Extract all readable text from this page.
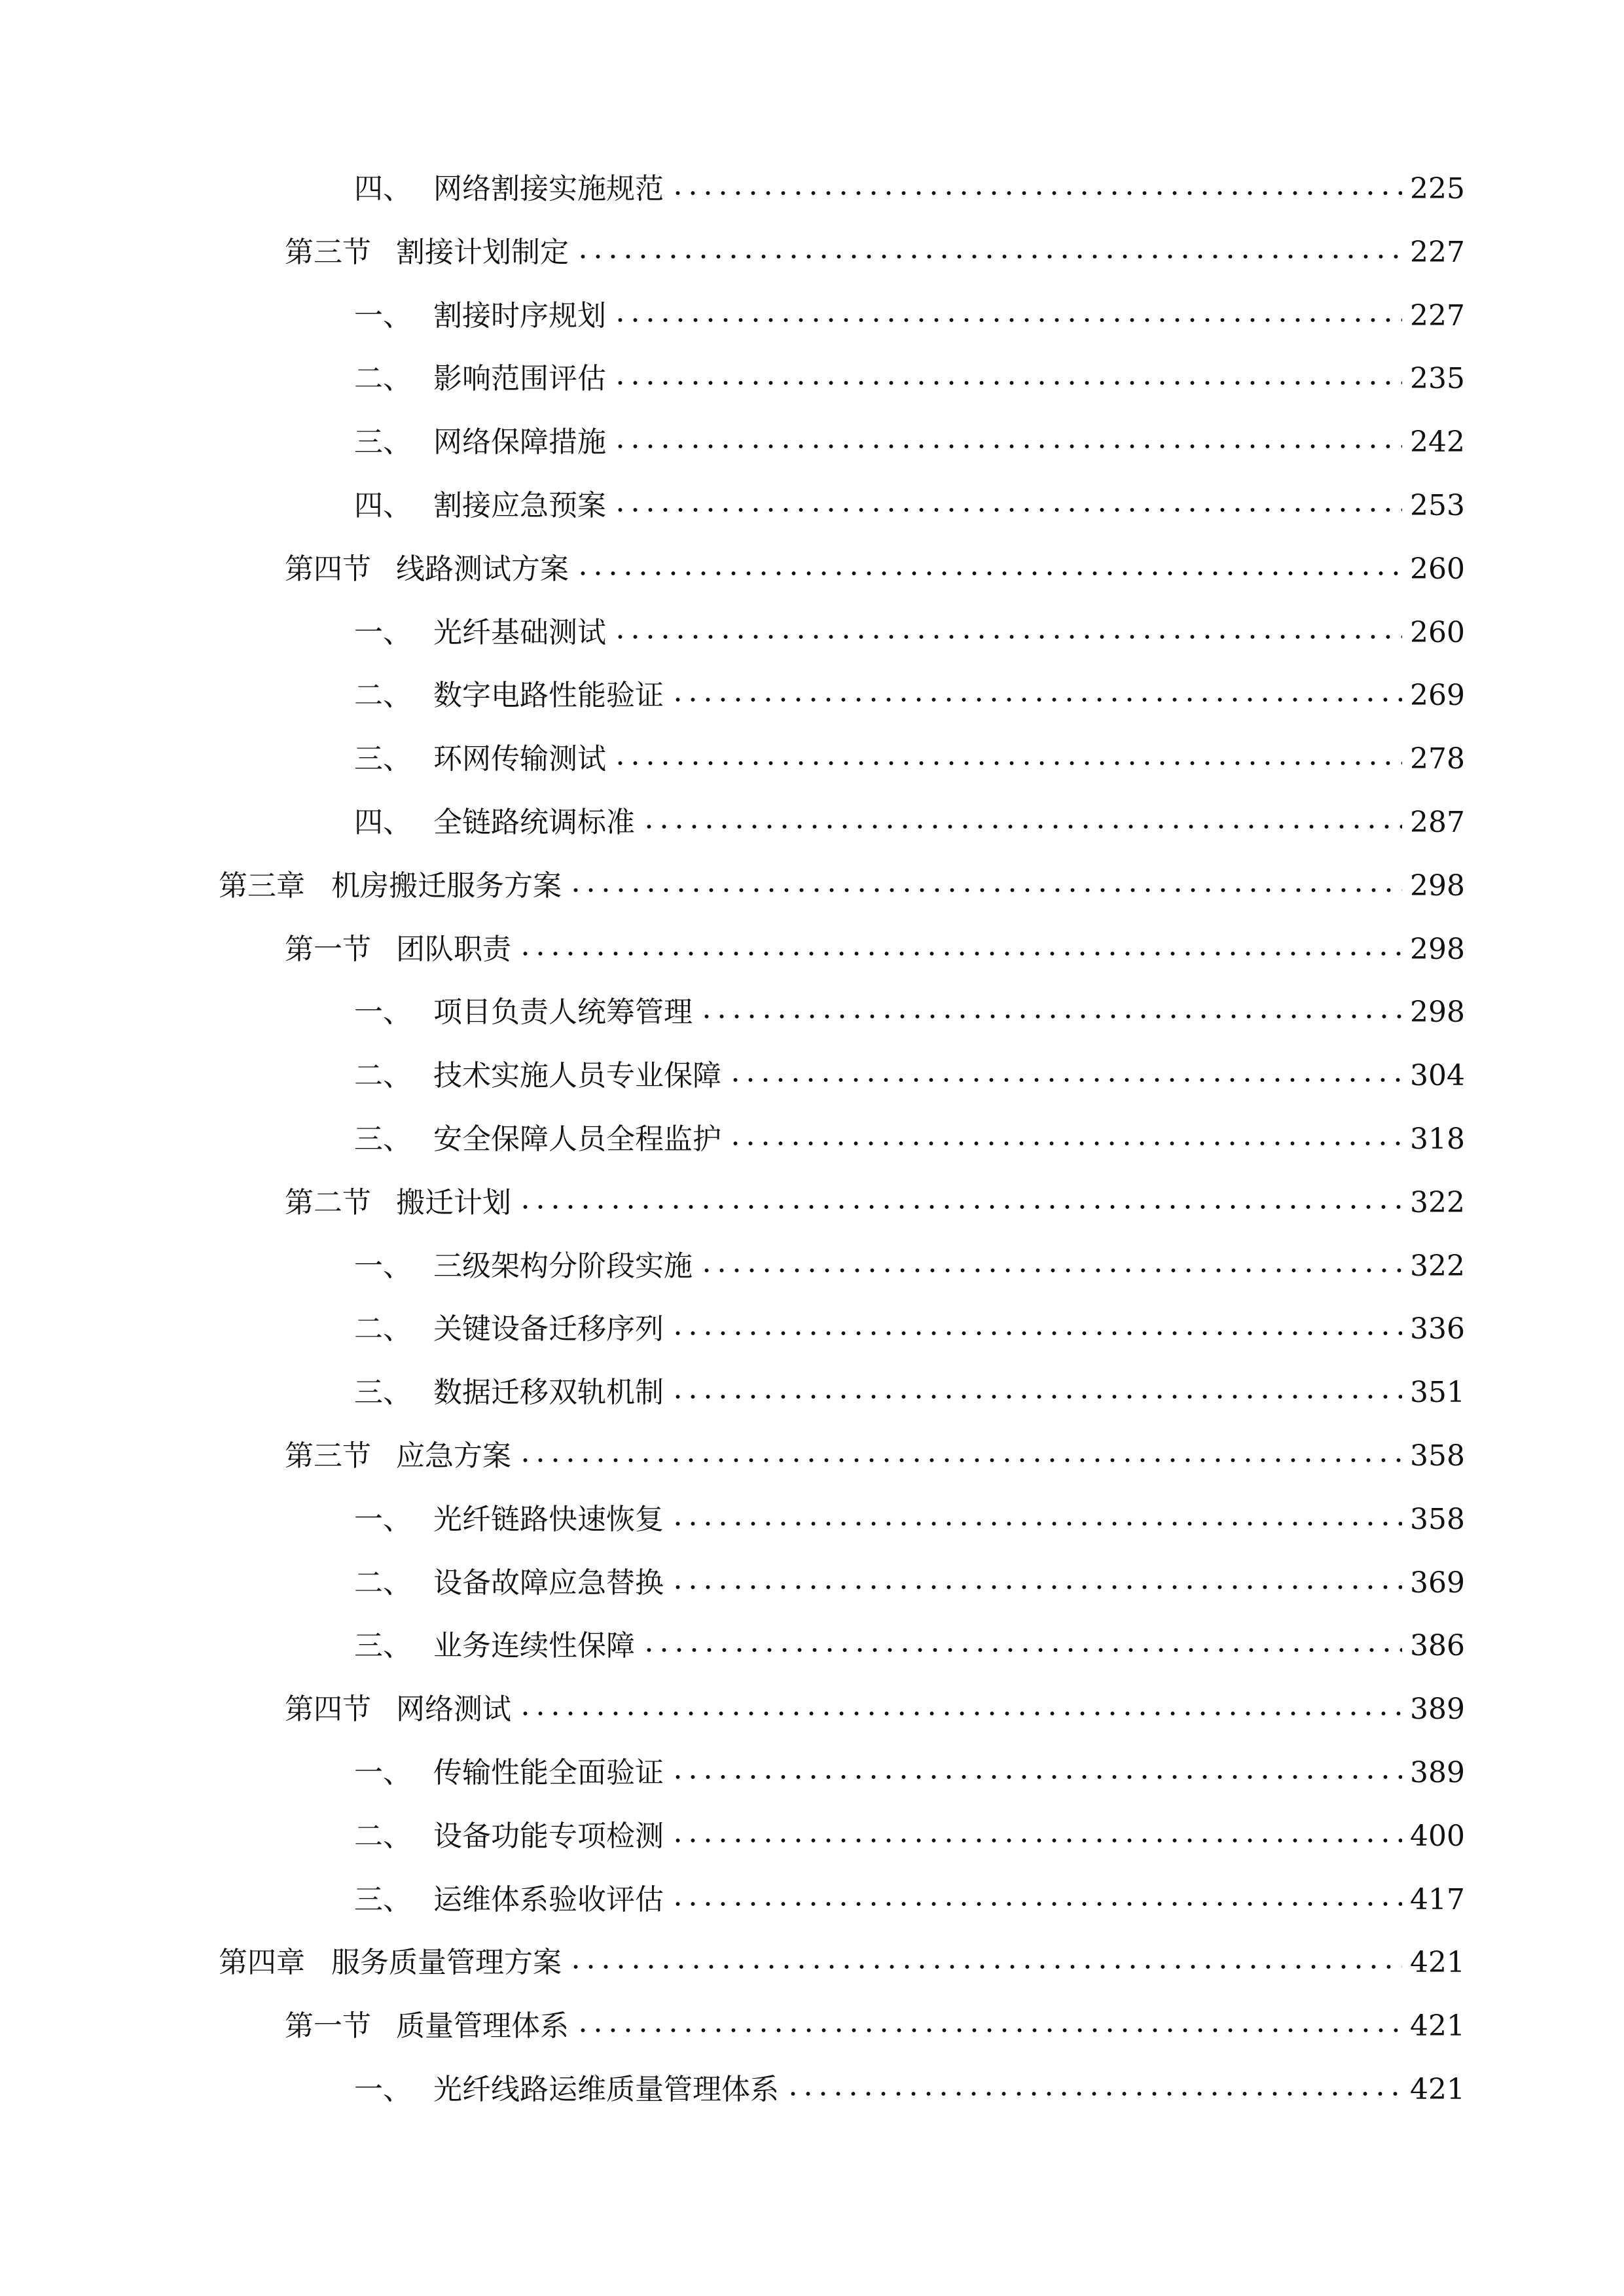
四、 网络割接实施规范	225
第三节 割接计划制定	227
一、 割接时序规划	227
二、 影响范围评估	235
三、 网络保障措施	242
四、 割接应急预案	253
第四节 线路测试方案	260
一、 光纤基础测试	260
二、 数字电路性能验证	269
三、 环网传输测试	278
四、 全链路统调标准	287
第三章 机房搬迁服务方案	298
第一节 团队职责	298
一、 项目负责人统筹管理	298
二、 技术实施人员专业保障	304
三、 安全保障人员全程监护	318
第二节 搬迁计划	322
一、 三级架构分阶段实施	322
二、 关键设备迁移序列	336
三、 数据迁移双轨机制	351
第三节 应急方案	358
一、 光纤链路快速恢复	358
二、 设备故障应急替换	369
三、 业务连续性保障	386
第四节 网络测试	389
一、 传输性能全面验证	389
二、 设备功能专项检测	400
三、 运维体系验收评估	417
第四章 服务质量管理方案	421
第一节 质量管理体系	421
一、 光纤线路运维质量管理体系	421
